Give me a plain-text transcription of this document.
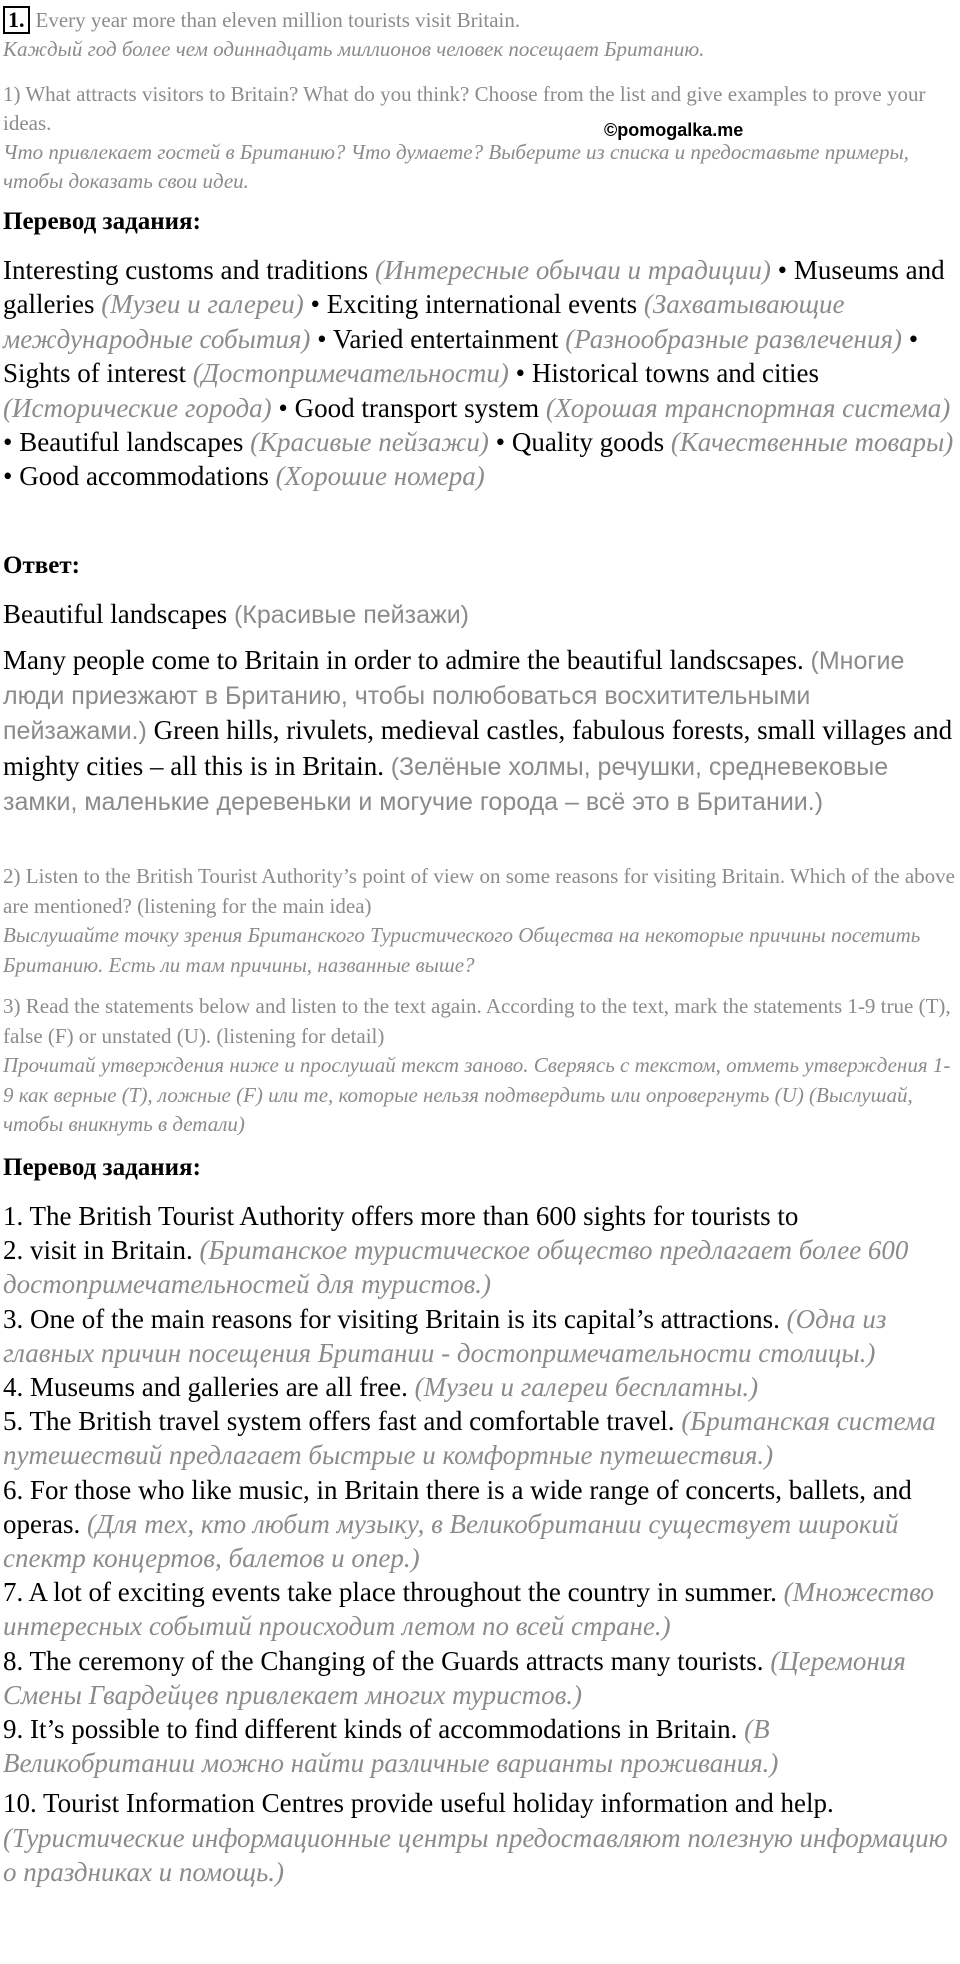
1. Every year more than eleven million tourists visit Britain.

Каждый год более чем одиннадцать миллионов человек посещает Британию.

1) What attracts visitors to Britain? What do you think? Choose from the list and give examples to prove your ideas.

Что привлекает гостей в Британию? Что думаете? Выберите из списка и предоставьте примеры, чтобы доказать свои идеи.

©pomogalka.me
Перевод задания:
Interesting customs and traditions (Интересные обычаи и традиции) • Museums and galleries (Музеи и галереи) • Exciting international events (Захватывающие международные события) • Varied entertainment (Разнообразные развлечения) • Sights of interest (Достопримечательности) • Historical towns and cities (Исторические города) • Good transport system (Хорошая транспортная система) • Beautiful landscapes (Красивые пейзажи) • Quality goods (Качественные товары) • Good accommodations (Хорошие номера)
Ответ:
Beautiful landscapes (Красивые пейзажи)
Many people come to Britain in order to admire the beautiful landscsapes. (Многие люди приезжают в Британию, чтобы полюбоваться восхитительными пейзажами.) Green hills, rivulets, medieval castles, fabulous forests, small villages and mighty cities – all this is in Britain. (Зелёные холмы, речушки, средневековые замки, маленькие деревеньки и могучие города – всё это в Британии.)

2) Listen to the British Tourist Authority’s point of view on some reasons for visiting Britain. Which of the above are mentioned? (listening for the main idea)

Выслушайте точку зрения Британского Туристического Общества на некоторые причины посетить Британию. Есть ли там причины, названные выше?

3) Read the statements below and listen to the text again. According to the text, mark the statements 1-9 true (T), false (F) or unstated (U). (listening for detail)

Прочитай утверждения ниже и прослушай текст заново. Сверяясь с текстом, отметь утверждения 1-9 как верные (T), ложные (F) или те, которые нельзя подтвердить или опровергнуть (U) (Выслушай, чтобы вникнуть в детали)

Перевод задания:

1. The British Tourist Authority offers more than 600 sights for tourists to

2. visit in Britain. (Британское туристическое общество предлагает более 600 достопримечательностей для туристов.)

3. One of the main reasons for visiting Britain is its capital’s attractions. (Одна из главных причин посещения Британии - достопримечательности столицы.)

4. Museums and galleries are all free. (Музеи и галереи бесплатны.)

5. The British travel system offers fast and comfortable travel. (Британская система путешествий предлагает быстрые и комфортные путешествия.)

6. For those who like music, in Britain there is a wide range of concerts, ballets, and operas. (Для тех, кто любит музыку, в Великобритании существует широкий спектр концертов, балетов и опер.)

7. A lot of exciting events take place throughout the country in summer. (Множество интересных событий происходит летом по всей стране.)

8. The ceremony of the Changing of the Guards attracts many tourists. (Церемония Смены Гвардейцев привлекает многих туристов.)

9. It’s possible to find different kinds of accommodations in Britain. (В Великобритании можно найти различные варианты проживания.)

10. Tourist Information Centres provide useful holiday information and help. (Туристические информационные центры предоставляют полезную информацию о праздниках и помощь.)
